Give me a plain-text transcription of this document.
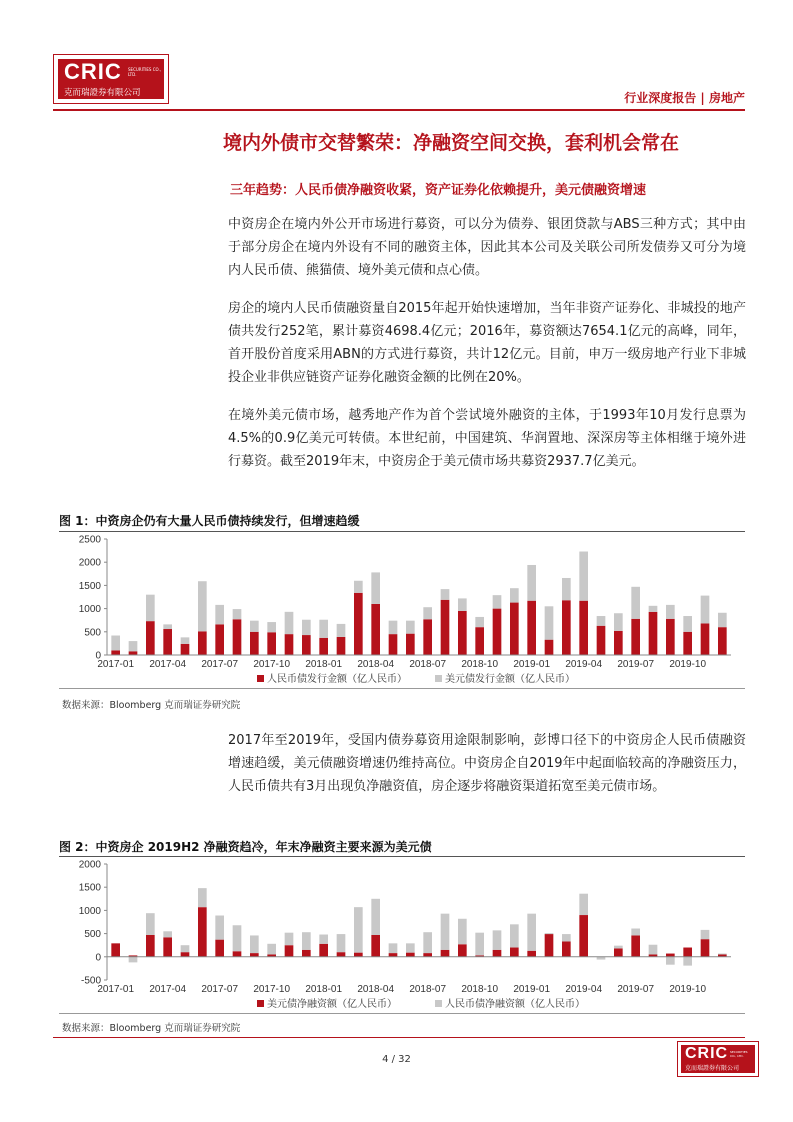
CRIC SECURITIES CO., LTD.
克而瑞證券有限公司	行业深度报告 | 房地产
境内外债市交替繁荣：净融资空间交换，套利机会常在
三年趋势：人民币债净融资收紧，资产证券化依赖提升，美元债融资增速
中资房企在境内外公开市场进行募资，可以分为债券、银团贷款与ABS三种方式；其中由于部分房企在境内外设有不同的融资主体，因此其本公司及关联公司所发债券又可分为境内人民币债、熊猫债、境外美元债和点心债。
房企的境内人民币债融资量自2015年起开始快速增加，当年非资产证券化、非城投的地产债共发行252笔，累计募资4698.4亿元；2016年，募资额达7654.1亿元的高峰，同年，首开股份首度采用ABN的方式进行募资，共计12亿元。目前，申万一级房地产行业下非城投企业非供应链资产证券化融资金额的比例在20%。
在境外美元债市场，越秀地产作为首个尝试境外融资的主体，于1993年10月发行息票为4.5%的0.9亿美元可转债。本世纪前，中国建筑、华润置地、深深房等主体相继于境外进行募资。截至2019年末，中资房企于美元债市场共募资2937.7亿美元。
图 1：中资房企仍有大量人民币债持续发行，但增速趋缓
0
500
1000
1500
2000
2500
2017-01 2017-04 2017-07 2017-10 2018-01 2018-04 2018-07 2018-10 2019-01 2019-04 2019-07 2019-10
人民币债发行金额（亿人民币）	美元债发行金额（亿人民币）
数据来源：Bloomberg 克而瑞证券研究院
2017年至2019年，受国内债券募资用途限制影响，彭博口径下的中资房企人民币债融资增速趋缓，美元债融资增速仍维持高位。中资房企自2019年中起面临较高的净融资压力，人民币债共有3月出现负净融资值，房企逐步将融资渠道拓宽至美元债市场。
图 2：中资房企 2019H2 净融资趋冷，年末净融资主要来源为美元债
-500
0
500
1000
1500
2000
2017-01 2017-04 2017-07 2017-10 2018-01 2018-04 2018-07 2018-10 2019-01 2019-04 2019-07 2019-10
美元债净融资额（亿人民币）	人民币债净融资额（亿人民币）
数据来源：Bloomberg 克而瑞证券研究院
4 / 32	CRIC SECURITIES CO., LTD.
克而瑞證券有限公司
